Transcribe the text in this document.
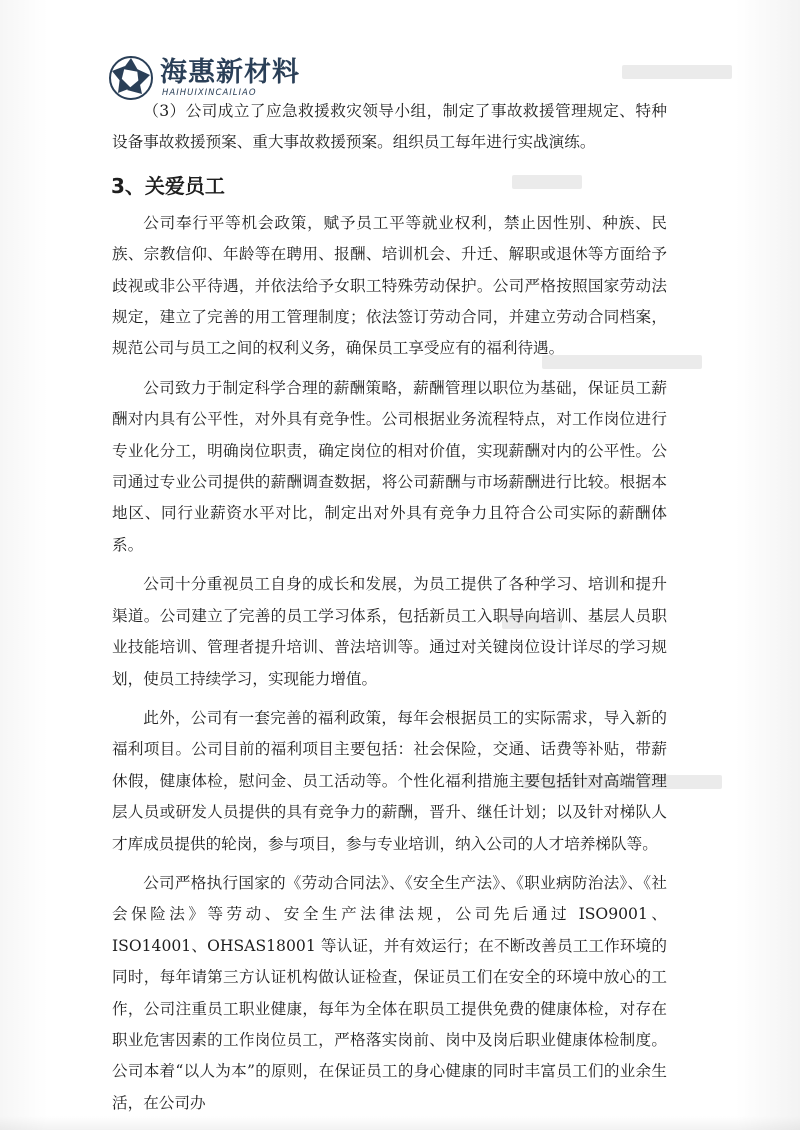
海惠新材料
HAIHUIXINCAILIAO

（3）公司成立了应急救援救灾领导小组，制定了事故救援管理规定、特种设备事故救援预案、重大事故救援预案。组织员工每年进行实战演练。

3、关爱员工

公司奉行平等机会政策，赋予员工平等就业权利，禁止因性别、种族、民族、宗教信仰、年龄等在聘用、报酬、培训机会、升迁、解职或退休等方面给予歧视或非公平待遇，并依法给予女职工特殊劳动保护。公司严格按照国家劳动法规定，建立了完善的用工管理制度；依法签订劳动合同，并建立劳动合同档案，规范公司与员工之间的权利义务，确保员工享受应有的福利待遇。

公司致力于制定科学合理的薪酬策略，薪酬管理以职位为基础，保证员工薪酬对内具有公平性，对外具有竞争性。公司根据业务流程特点，对工作岗位进行专业化分工，明确岗位职责，确定岗位的相对价值，实现薪酬对内的公平性。公司通过专业公司提供的薪酬调查数据，将公司薪酬与市场薪酬进行比较。根据本地区、同行业薪资水平对比，制定出对外具有竞争力且符合公司实际的薪酬体系。

公司十分重视员工自身的成长和发展，为员工提供了各种学习、培训和提升渠道。公司建立了完善的员工学习体系，包括新员工入职导向培训、基层人员职业技能培训、管理者提升培训、普法培训等。通过对关键岗位设计详尽的学习规划，使员工持续学习，实现能力增值。

此外，公司有一套完善的福利政策，每年会根据员工的实际需求，导入新的福利项目。公司目前的福利项目主要包括：社会保险，交通、话费等补贴，带薪休假，健康体检，慰问金、员工活动等。个性化福利措施主要包括针对高端管理层人员或研发人员提供的具有竞争力的薪酬，晋升、继任计划；以及针对梯队人才库成员提供的轮岗，参与项目，参与专业培训，纳入公司的人才培养梯队等。

公司严格执行国家的《劳动合同法》、《安全生产法》、《职业病防治法》、《社会保险法》等劳动、安全生产法律法规，公司先后通过 ISO9001、ISO14001、OHSAS18001 等认证，并有效运行；在不断改善员工工作环境的同时，每年请第三方认证机构做认证检查，保证员工们在安全的环境中放心的工作，公司注重员工职业健康，每年为全体在职员工提供免费的健康体检，对存在职业危害因素的工作岗位员工，严格落实岗前、岗中及岗后职业健康体检制度。公司本着“以人为本”的原则，在保证员工的身心健康的同时丰富员工们的业余生活，在公司办
